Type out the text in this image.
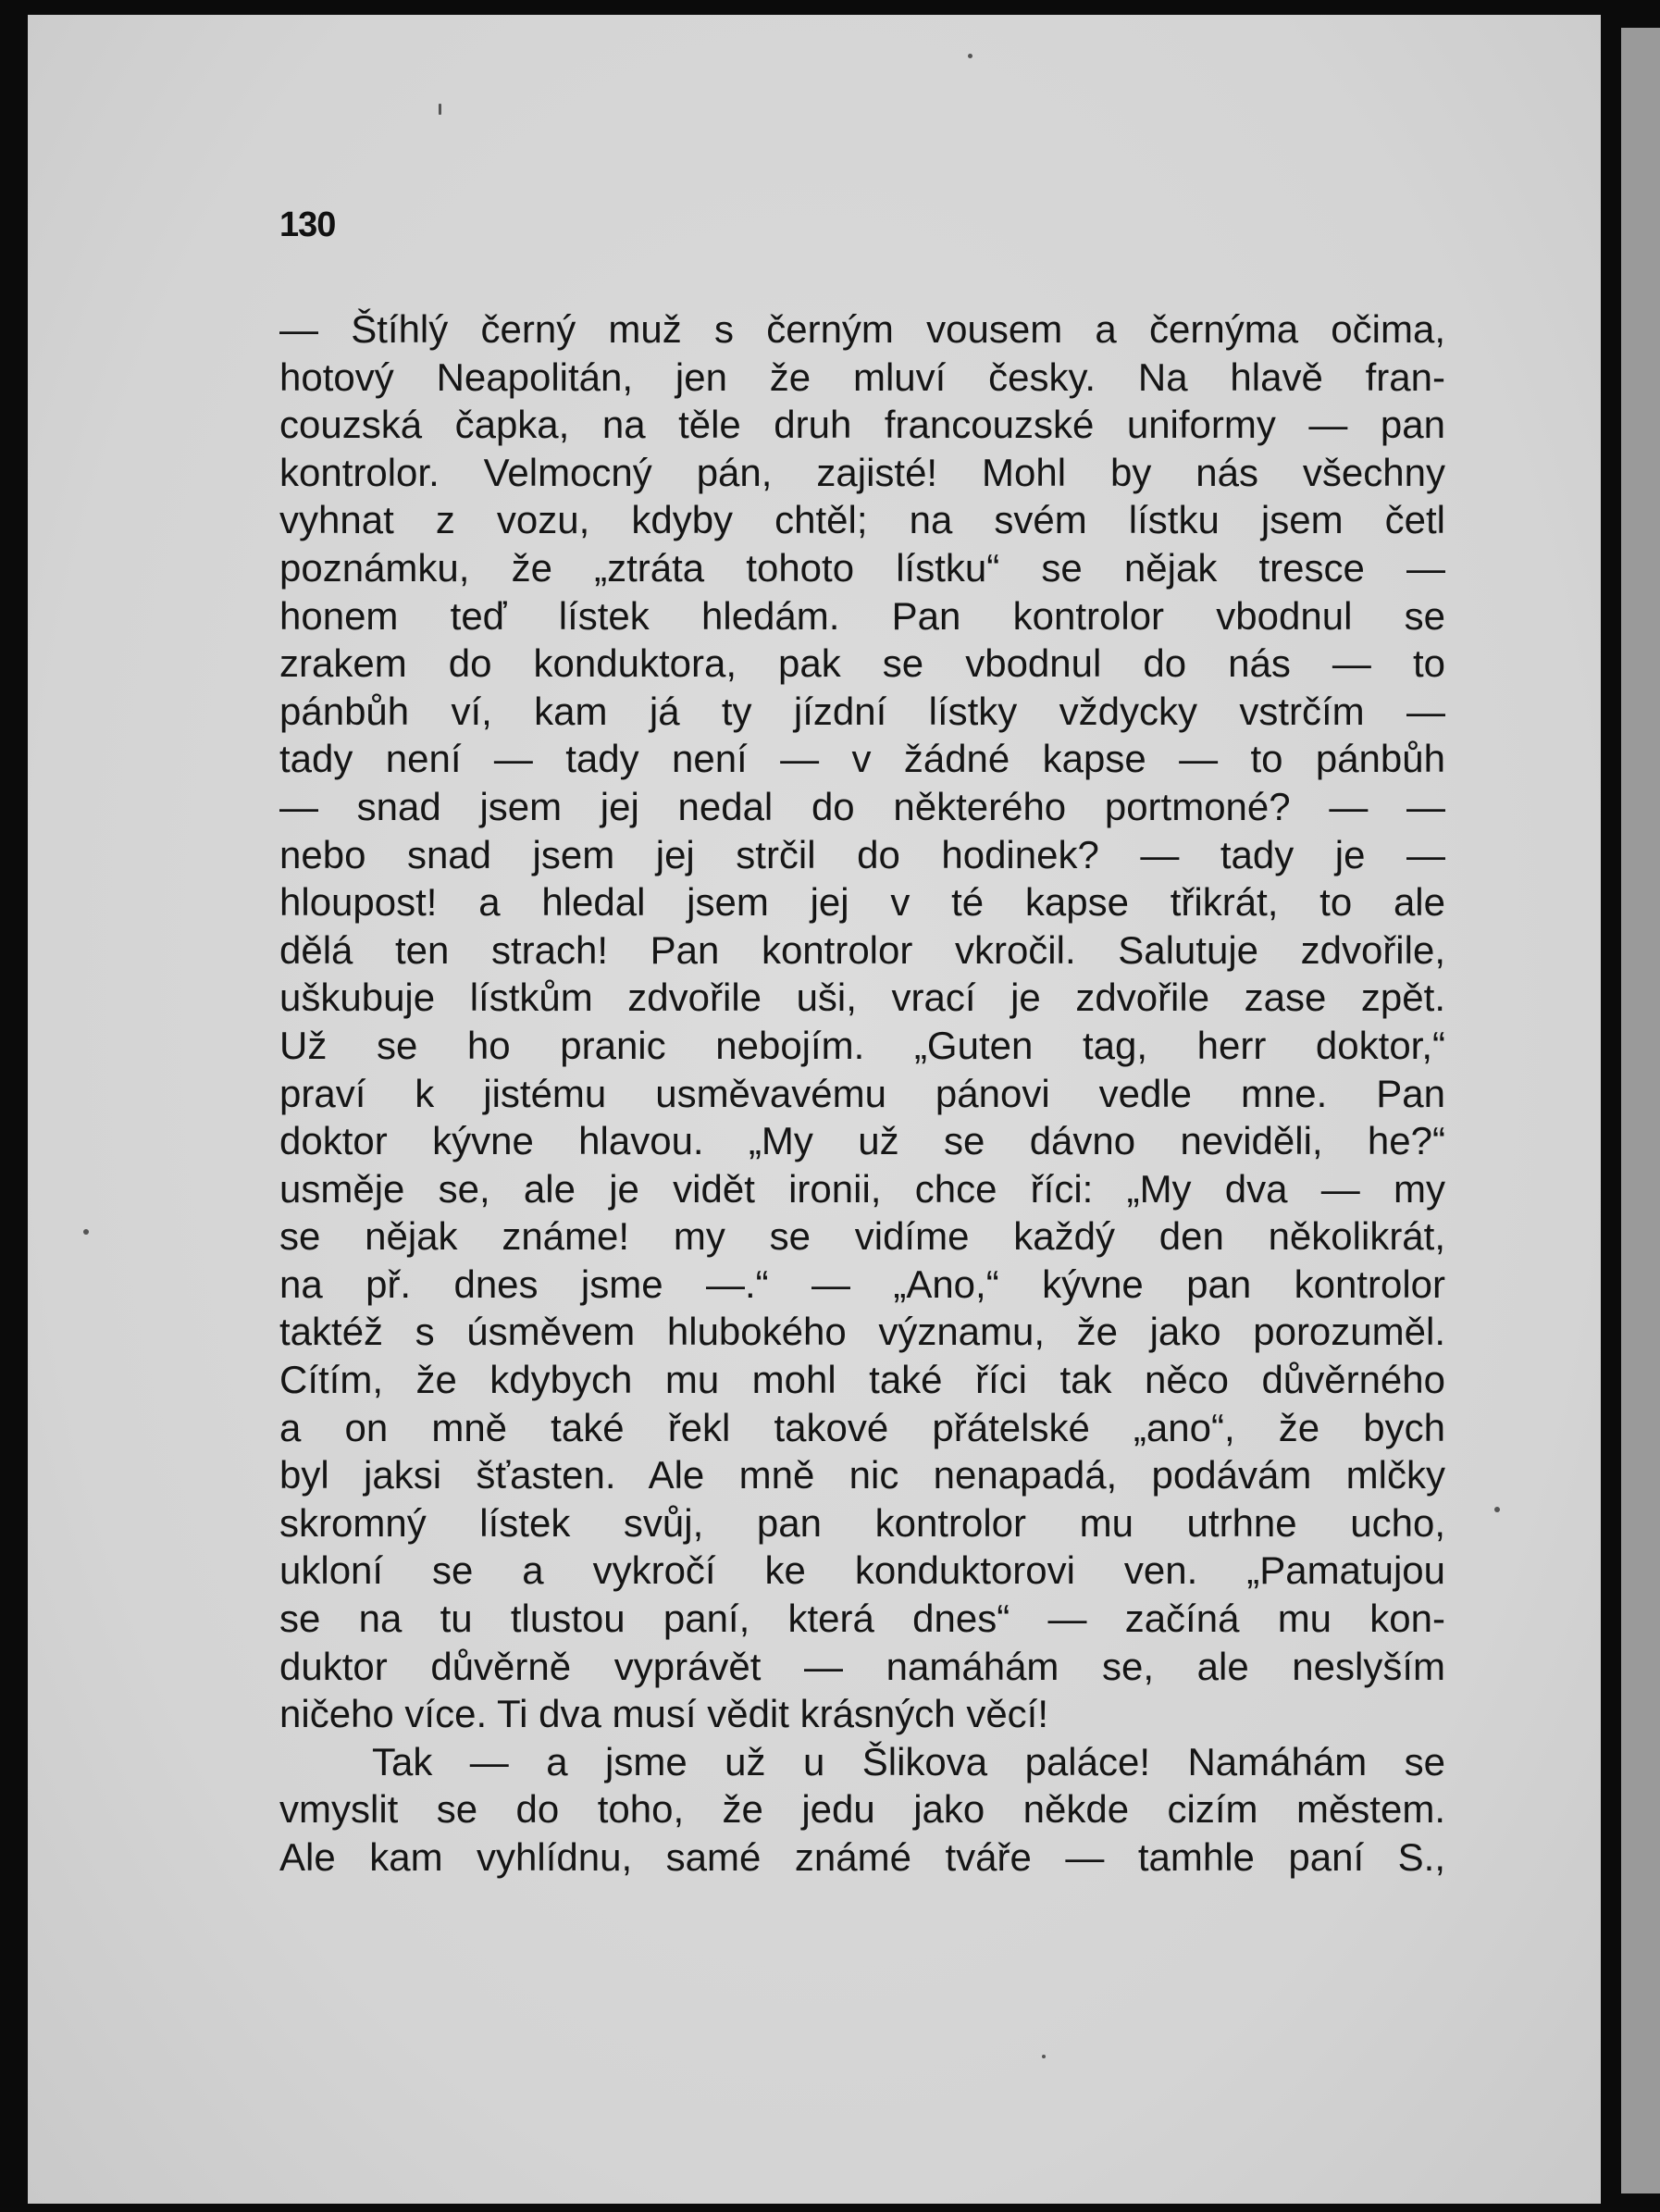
130
— Štíhlý černý muž s černým vousem a černýma očima,
hotový Neapolitán, jen že mluví česky. Na hlavě fran-
couzská čapka, na těle druh francouzské uniformy — pan
kontrolor. Velmocný pán, zajisté! Mohl by nás všechny
vyhnat z vozu, kdyby chtěl; na svém lístku jsem četl
poznámku, že „ztráta tohoto lístku“ se nějak tresce —
honem teď lístek hledám. Pan kontrolor vbodnul se
zrakem do konduktora, pak se vbodnul do nás — to
pánbůh ví, kam já ty jízdní lístky vždycky vstrčím —
tady není — tady není — v žádné kapse — to pánbůh
— snad jsem jej nedal do některého portmoné? — —
nebo snad jsem jej strčil do hodinek? — tady je —
hloupost! a hledal jsem jej v té kapse třikrát, to ale
dělá ten strach! Pan kontrolor vkročil. Salutuje zdvořile,
uškubuje lístkům zdvořile uši, vrací je zdvořile zase zpět.
Už se ho pranic nebojím. „Guten tag, herr doktor,“
praví k jistému usměvavému pánovi vedle mne. Pan
doktor kývne hlavou. „My už se dávno neviděli, he?“
usměje se, ale je vidět ironii, chce říci: „My dva — my
se nějak známe! my se vidíme každý den několikrát,
na př. dnes jsme —.“ — „Ano,“ kývne pan kontrolor
taktéž s úsměvem hlubokého významu, že jako porozuměl.
Cítím, že kdybych mu mohl také říci tak něco důvěrného
a on mně také řekl takové přátelské „ano“, že bych
byl jaksi šťasten. Ale mně nic nenapadá, podávám mlčky
skromný lístek svůj, pan kontrolor mu utrhne ucho,
ukloní se a vykročí ke konduktorovi ven. „Pamatujou
se na tu tlustou paní, která dnes“ — začíná mu kon-
duktor důvěrně vyprávět — namáhám se, ale neslyším
ničeho více. Ti dva musí vědit krásných věcí!
Tak — a jsme už u Šlikova paláce! Namáhám se
vmyslit se do toho, že jedu jako někde cizím městem.
Ale kam vyhlídnu, samé známé tváře — tamhle paní S.,
